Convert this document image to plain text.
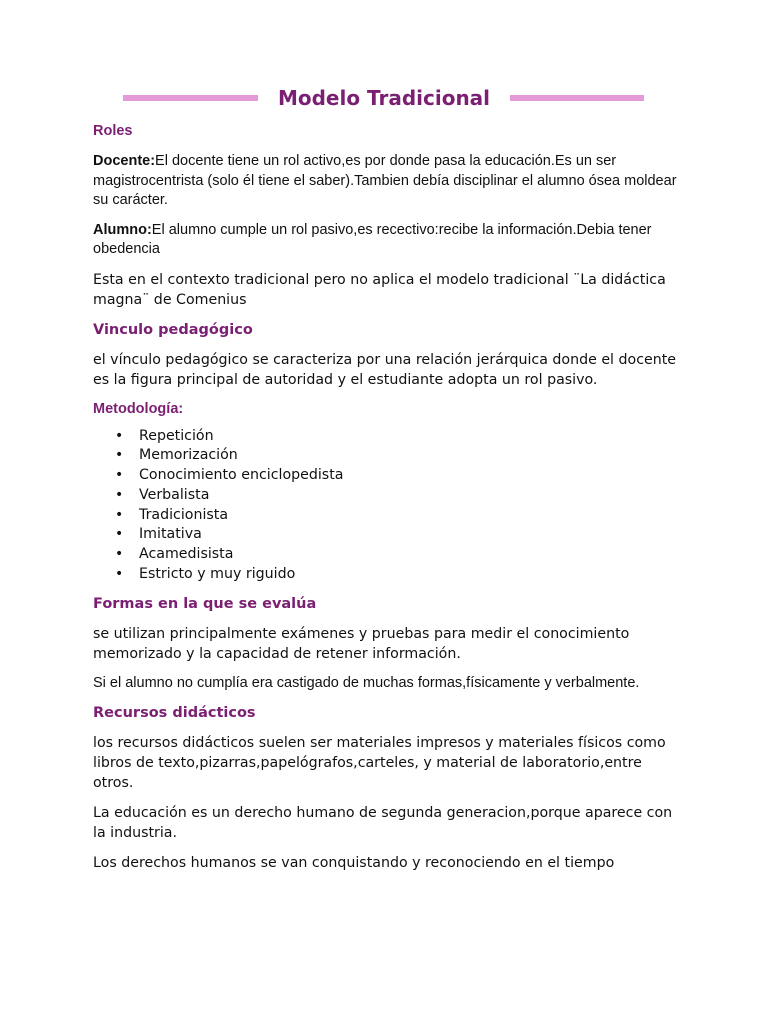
Modelo Tradicional
Roles

Docente:El docente tiene un rol activo,es por donde pasa la educación.Es un ser magistrocentrista (solo él tiene el saber).Tambien debía disciplinar el alumno ósea moldear su carácter.

Alumno:El alumno cumple un rol pasivo,es recectivo:recibe la información.Debia tener obedencia

Esta en el contexto tradicional pero no aplica el modelo tradicional ¨La didáctica magna¨ de Comenius

Vinculo pedagógico

el vínculo pedagógico se caracteriza por una relación jerárquica donde el docente es la figura principal de autoridad y el estudiante adopta un rol pasivo.

Metodología:
• Repetición
• Memorización
• Conocimiento enciclopedista
• Verbalista
• Tradicionista
• Imitativa
• Acamedisista
• Estricto y muy riguido
Formas en la que se evalúa

se utilizan principalmente exámenes y pruebas para medir el conocimiento memorizado y la capacidad de retener información.

Si el alumno no cumplía era castigado de muchas formas,físicamente y verbalmente.

Recursos didácticos

los recursos didácticos suelen ser materiales impresos y materiales físicos como libros de texto,pizarras,papelógrafos,carteles, y material de laboratorio,entre otros.

La educación es un derecho humano de segunda generacion,porque aparece con la industria.

Los derechos humanos se van conquistando y reconociendo en el tiempo
